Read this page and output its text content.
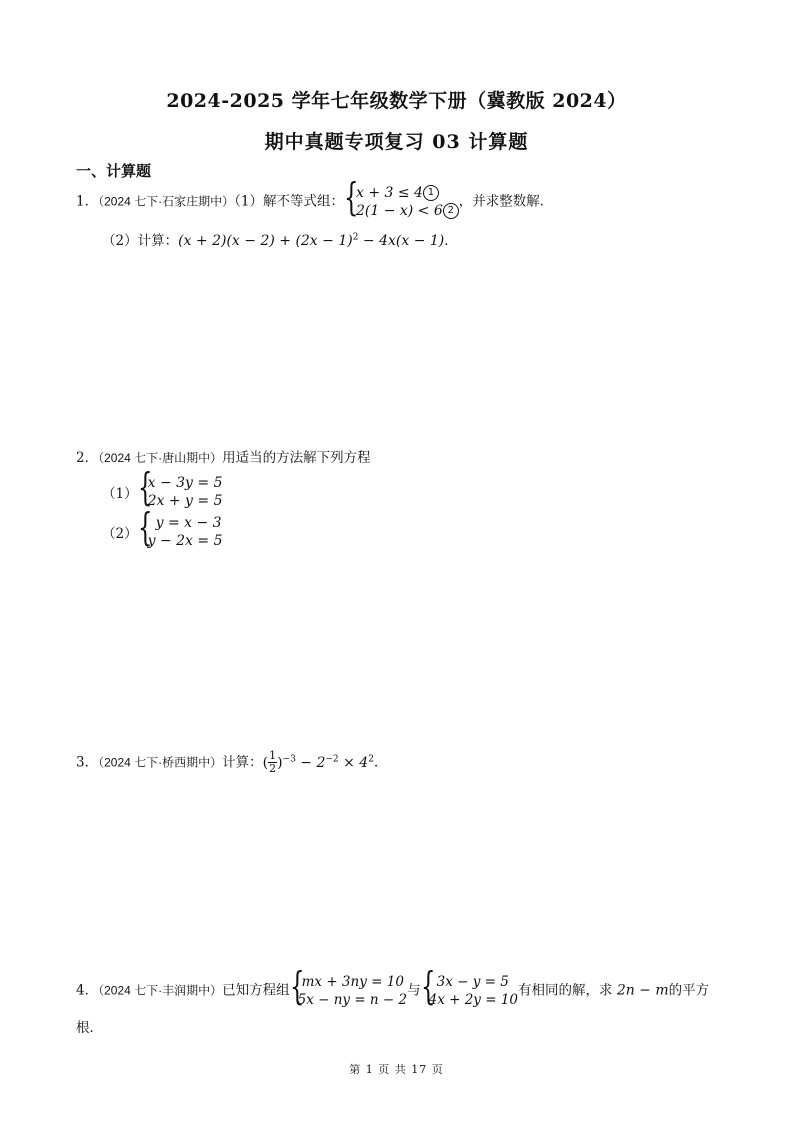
2024-2025 学年七年级数学下册（冀教版 2024）
期中真题专项复习 03 计算题
一、计算题
1．（2024 七下·石家庄期中）（1）解不等式组： {
x + 3 ≤ 4 1
2(1 − x) < 6 2
，并求整数解．
（2）计算：$(x + 2)(x - 2) + (2x - 1)^2 - 4x(x - 1)$．
2．（2024 七下·唐山期中）用适当的方法解下列方程
（1） {
x − 3y = 5
2x + y = 5
（2） { y = x − 3
y − 2x = 5
3．（2024 七下·桥西期中）计算：( $\frac{1}{2} )^{-3} - 2^{-2} \times 4^2$．
4．（2024 七下·丰润期中）已知方程组 {
mx + 3ny = 10
5x − ny = n − 2
与 { 3x − y = 5
4x + 2y = 10
有相同的解，求 2n − m的平方
根．
第 1 页 共 17 页
